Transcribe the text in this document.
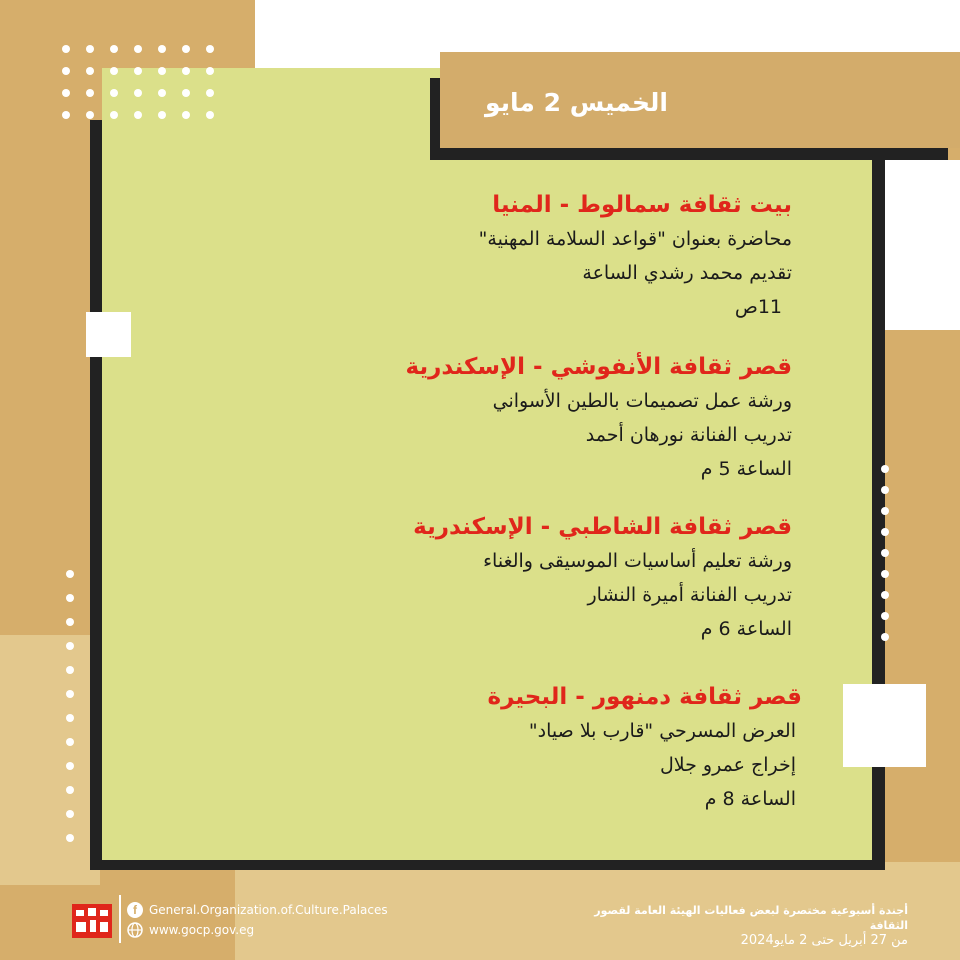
الخميس 2 مايو

بيت ثقافة سمالوط - المنيا

محاضرة بعنوان "قواعد السلامة المهنية"

تقديم محمد رشدي الساعة

11ص

قصر ثقافة الأنفوشي - الإسكندرية

ورشة عمل تصميمات بالطين الأسواني

تدريب الفنانة نورهان أحمد

الساعة 5 م

قصر ثقافة الشاطبي - الإسكندرية

ورشة تعليم أساسيات الموسيقى والغناء

تدريب الفنانة أميرة النشار

الساعة 6 م

قصر ثقافة دمنهور - البحيرة

العرض المسرحي "قارب بلا صياد"

إخراج عمرو جلال

الساعة 8 م

f	General.Organization.of.Culture.Palaces
www.gocp.gov.eg
أجندة أسبوعية مختصرة لبعض فعاليات الهيئة العامة لقصور الثقافة
من 27 أبريل حتى 2 مايو2024
